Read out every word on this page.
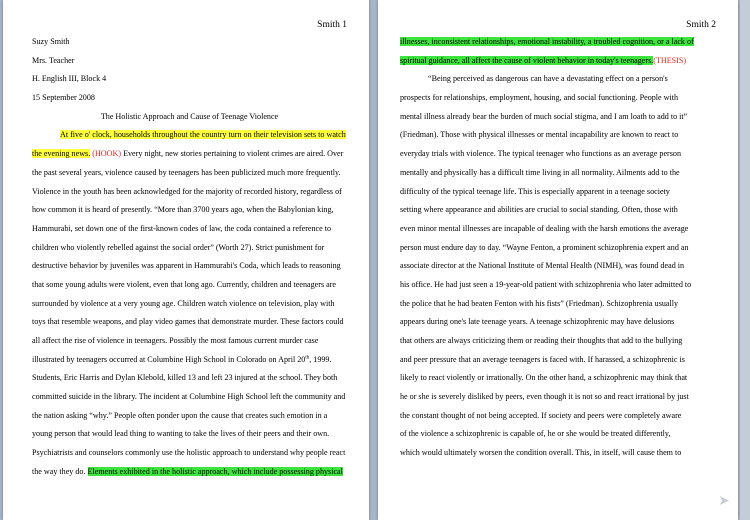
Smith 1
Suzy Smith
Mrs. Teacher
H. English III, Block 4
15 September 2008
The Holistic Approach and Cause of Teenage Violence
At five o' clock, households throughout the country turn on their television sets to watch
the evening news. (HOOK) Every night, new stories pertaining to violent crimes are aired. Over
the past several years, violence caused by teenagers has been publicized much more frequently.
Violence in the youth has been acknowledged for the majority of recorded history, regardless of
how common it is heard of presently. “More than 3700 years ago, when the Babylonian king,
Hammurabi, set down one of the first-known codes of law, the coda contained a reference to
children who violently rebelled against the social order” (Worth 27). Strict punishment for
destructive behavior by juveniles was apparent in Hammurabi's Coda, which leads to reasoning
that some young adults were violent, even that long ago. Currently, children and teenagers are
surrounded by violence at a very young age. Children watch violence on television, play with
toys that resemble weapons, and play video games that demonstrate murder. These factors could
all affect the rise of violence in teenagers. Possibly the most famous current murder case
illustrated by teenagers occurred at Columbine High School in Colorado on April 20th, 1999.
Students, Eric Harris and Dylan Klebold, killed 13 and left 23 injured at the school. They both
committed suicide in the library. The incident at Columbine High School left the community and
the nation asking “why.” People often ponder upon the cause that creates such emotion in a
young person that would lead thing to wanting to take the lives of their peers and their own.
Psychiatrists and counselors commonly use the holistic approach to understand why people react
the way they do. Elements exhibited in the holistic approach, which include possessing physical
Smith 2
illnesses, inconsistent relationships, emotional instability, a troubled cognition, or a lack of
spiritual guidance, all affect the cause of violent behavior in today's teenagers.(THESIS)
“Being perceived as dangerous can have a devastating effect on a person's
prospects for relationships, employment, housing, and social functioning. People with
mental illness already bear the burden of much social stigma, and I am loath to add to it”
(Friedman). Those with physical illnesses or mental incapability are known to react to
everyday trials with violence. The typical teenager who functions as an average person
mentally and physically has a difficult time living in all normality. Ailments add to the
difficulty of the typical teenage life. This is especially apparent in a teenage society
setting where appearance and abilities are crucial to social standing. Often, those with
even minor mental illnesses are incapable of dealing with the harsh emotions the average
person must endure day to day. “Wayne Fenton, a prominent schizophrenia expert and an
associate director at the National Institute of Mental Health (NIMH), was found dead in
his office. He had just seen a 19-year-old patient with schizophrenia who later admitted to
the police that he had beaten Fenton with his fists” (Friedman). Schizophrenia usually
appears during one's late teenage years. A teenage schizophrenic may have delusions
that others are always criticizing them or reading their thoughts that add to the bullying
and peer pressure that an average teenagers is faced with. If harassed, a schizophrenic is
likely to react violently or irrationally. On the other hand, a schizophrenic may think that
he or she is severely disliked by peers, even though it is not so and react irrational by just
the constant thought of not being accepted. If society and peers were completely aware
of the violence a schizophrenic is capable of, he or she would be treated differently,
which would ultimately worsen the condition overall. This, in itself, will cause them to
➤
